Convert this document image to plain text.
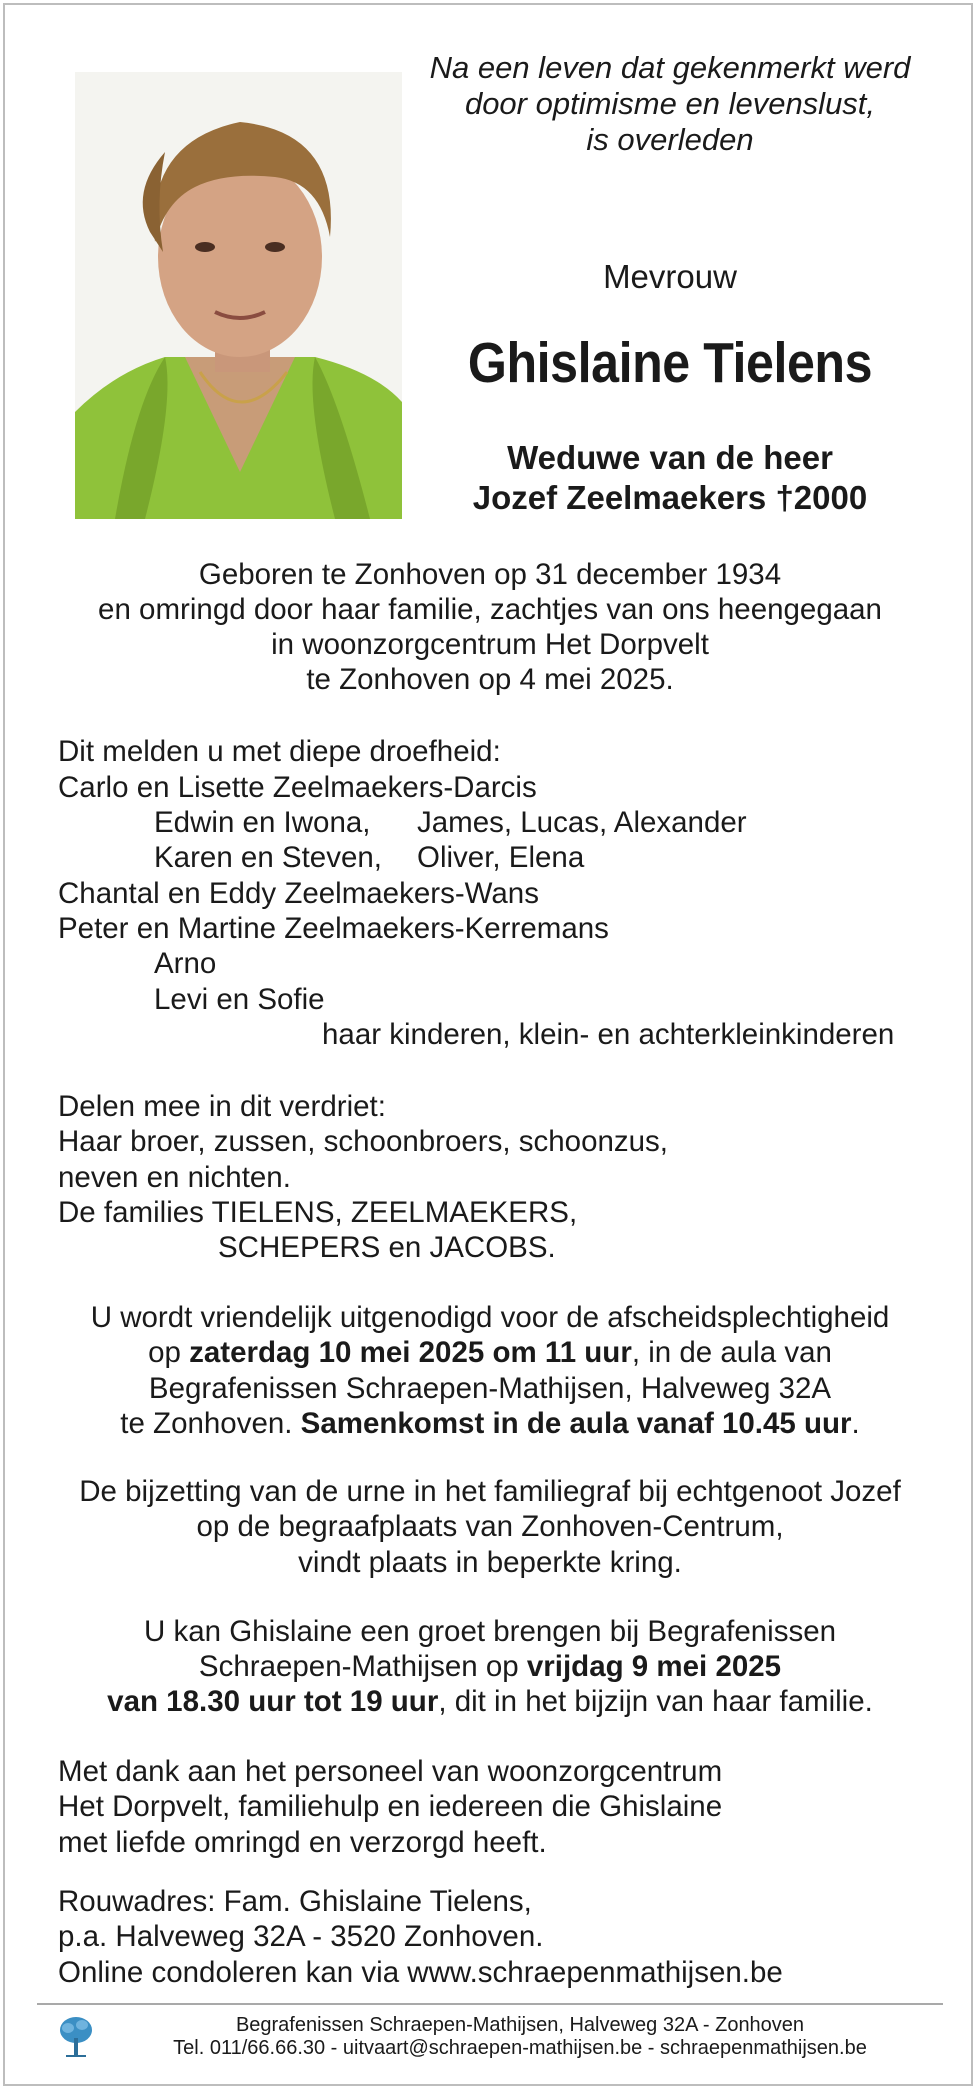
Na een leven dat gekenmerkt werd
door optimisme en levenslust,
is overleden
Mevrouw
Ghislaine Tielens
Weduwe van de heer
Jozef Zeelmaekers †2000
Geboren te Zonhoven op 31 december 1934
en omringd door haar familie, zachtjes van ons heengegaan
in woonzorgcentrum Het Dorpvelt
te Zonhoven op 4 mei 2025.
Dit melden u met diepe droefheid:
Carlo en Lisette Zeelmaekers-Darcis
Edwin en Iwona, James, Lucas, Alexander
Karen en Steven, Oliver, Elena
Chantal en Eddy Zeelmaekers-Wans
Peter en Martine Zeelmaekers-Kerremans
Arno
Levi en Sofie
haar kinderen, klein- en achterkleinkinderen
Delen mee in dit verdriet:
Haar broer, zussen, schoonbroers, schoonzus,
neven en nichten.
De families TIELENS, ZEELMAEKERS,
SCHEPERS en JACOBS.
U wordt vriendelijk uitgenodigd voor de afscheidsplechtigheid
op zaterdag 10 mei 2025 om 11 uur, in de aula van
Begrafenissen Schraepen-Mathijsen, Halveweg 32A
te Zonhoven. Samenkomst in de aula vanaf 10.45 uur.
De bijzetting van de urne in het familiegraf bij echtgenoot Jozef
op de begraafplaats van Zonhoven-Centrum,
vindt plaats in beperkte kring.
U kan Ghislaine een groet brengen bij Begrafenissen
Schraepen-Mathijsen op vrijdag 9 mei 2025
van 18.30 uur tot 19 uur, dit in het bijzijn van haar familie.
Met dank aan het personeel van woonzorgcentrum
Het Dorpvelt, familiehulp en iedereen die Ghislaine
met liefde omringd en verzorgd heeft.
Rouwadres: Fam. Ghislaine Tielens,
p.a. Halveweg 32A - 3520 Zonhoven.
Online condoleren kan via www.schraepenmathijsen.be
Begrafenissen Schraepen-Mathijsen, Halveweg 32A - Zonhoven
Tel. 011/66.66.30 - uitvaart@schraepen-mathijsen.be - schraepenmathijsen.be
